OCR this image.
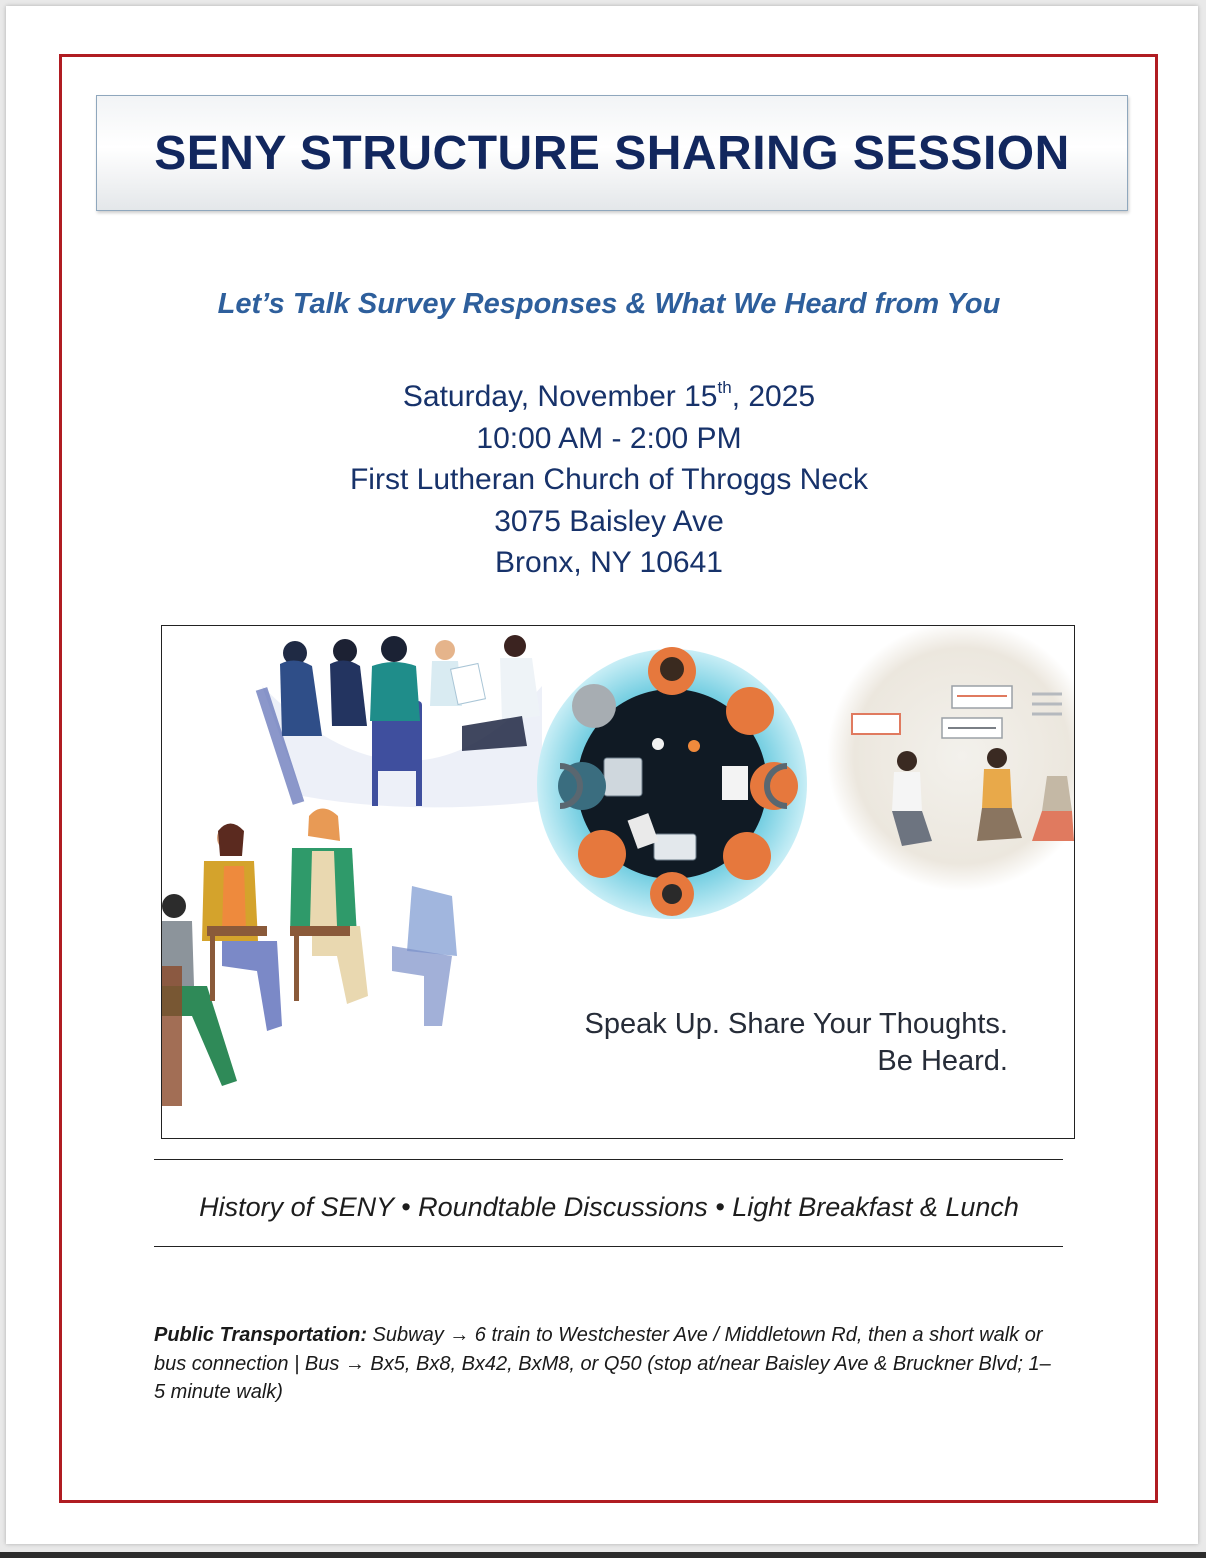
SENY STRUCTURE SHARING SESSION
Let’s Talk Survey Responses & What We Heard from You
Saturday, November 15th, 2025
10:00 AM - 2:00 PM
First Lutheran Church of Throggs Neck
3075 Baisley Ave
Bronx, NY 10641
Speak Up. Share Your Thoughts.
Be Heard.
History of SENY • Roundtable Discussions • Light Breakfast & Lunch
Public Transportation: Subway → 6 train to Westchester Ave / Middletown Rd, then a short walk or bus connection | Bus → Bx5, Bx8, Bx42, BxM8, or Q50 (stop at/near Baisley Ave & Bruckner Blvd; 1–5 minute walk)
